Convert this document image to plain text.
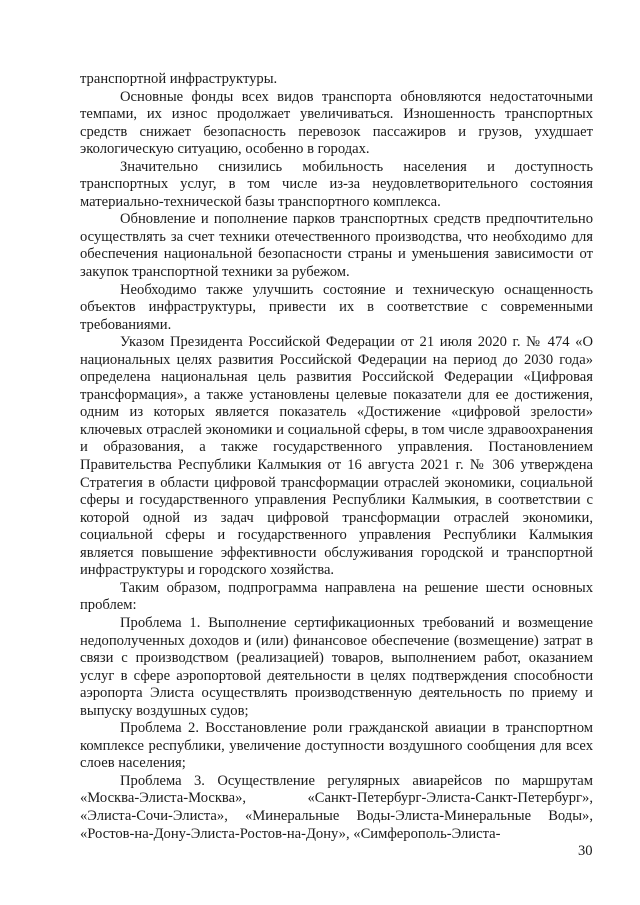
транспортной инфраструктуры.

Основные фонды всех видов транспорта обновляются недостаточными темпами, их износ продолжает увеличиваться. Изношенность транспортных средств снижает безопасность перевозок пассажиров и грузов, ухудшает экологическую ситуацию, особенно в городах.

Значительно снизились мобильность населения и доступность транспортных услуг, в том числе из-за неудовлетворительного состояния материально-технической базы транспортного комплекса.

Обновление и пополнение парков транспортных средств предпочтительно осуществлять за счет техники отечественного производства, что необходимо для обеспечения национальной безопасности страны и уменьшения зависимости от закупок транспортной техники за рубежом.

Необходимо также улучшить состояние и техническую оснащенность объектов инфраструктуры, привести их в соответствие с современными требованиями.

Указом Президента Российской Федерации от 21 июля 2020 г. № 474 «О национальных целях развития Российской Федерации на период до 2030 года» определена национальная цель развития Российской Федерации «Цифровая трансформация», а также установлены целевые показатели для ее достижения, одним из которых является показатель «Достижение «цифровой зрелости» ключевых отраслей экономики и социальной сферы, в том числе здравоохранения и образования, а также государственного управления. Постановлением Правительства Республики Калмыкия от 16 августа 2021 г. № 306 утверждена Стратегия в области цифровой трансформации отраслей экономики, социальной сферы и государственного управления Республики Калмыкия, в соответствии с которой одной из задач цифровой трансформации отраслей экономики, социальной сферы и государственного управления Республики Калмыкия является повышение эффективности обслуживания городской и транспортной инфраструктуры и городского хозяйства.

Таким образом, подпрограмма направлена на решение шести основных проблем:

Проблема 1. Выполнение сертификационных требований и возмещение недополученных доходов и (или) финансовое обеспечение (возмещение) затрат в связи с производством (реализацией) товаров, выполнением работ, оказанием услуг в сфере аэропортовой деятельности в целях подтверждения способности аэропорта Элиста осуществлять производственную деятельность по приему и выпуску воздушных судов;

Проблема 2. Восстановление роли гражданской авиации в транспортном комплексе республики, увеличение доступности воздушного сообщения для всех слоев населения;

Проблема 3. Осуществление регулярных авиарейсов по маршрутам «Москва-Элиста-Москва», «Санкт-Петербург-Элиста-Санкт-Петербург», «Элиста-Сочи-Элиста», «Минеральные Воды-Элиста-Минеральные Воды», «Ростов-на-Дону-Элиста-Ростов-на-Дону», «Симферополь-Элиста-

30
